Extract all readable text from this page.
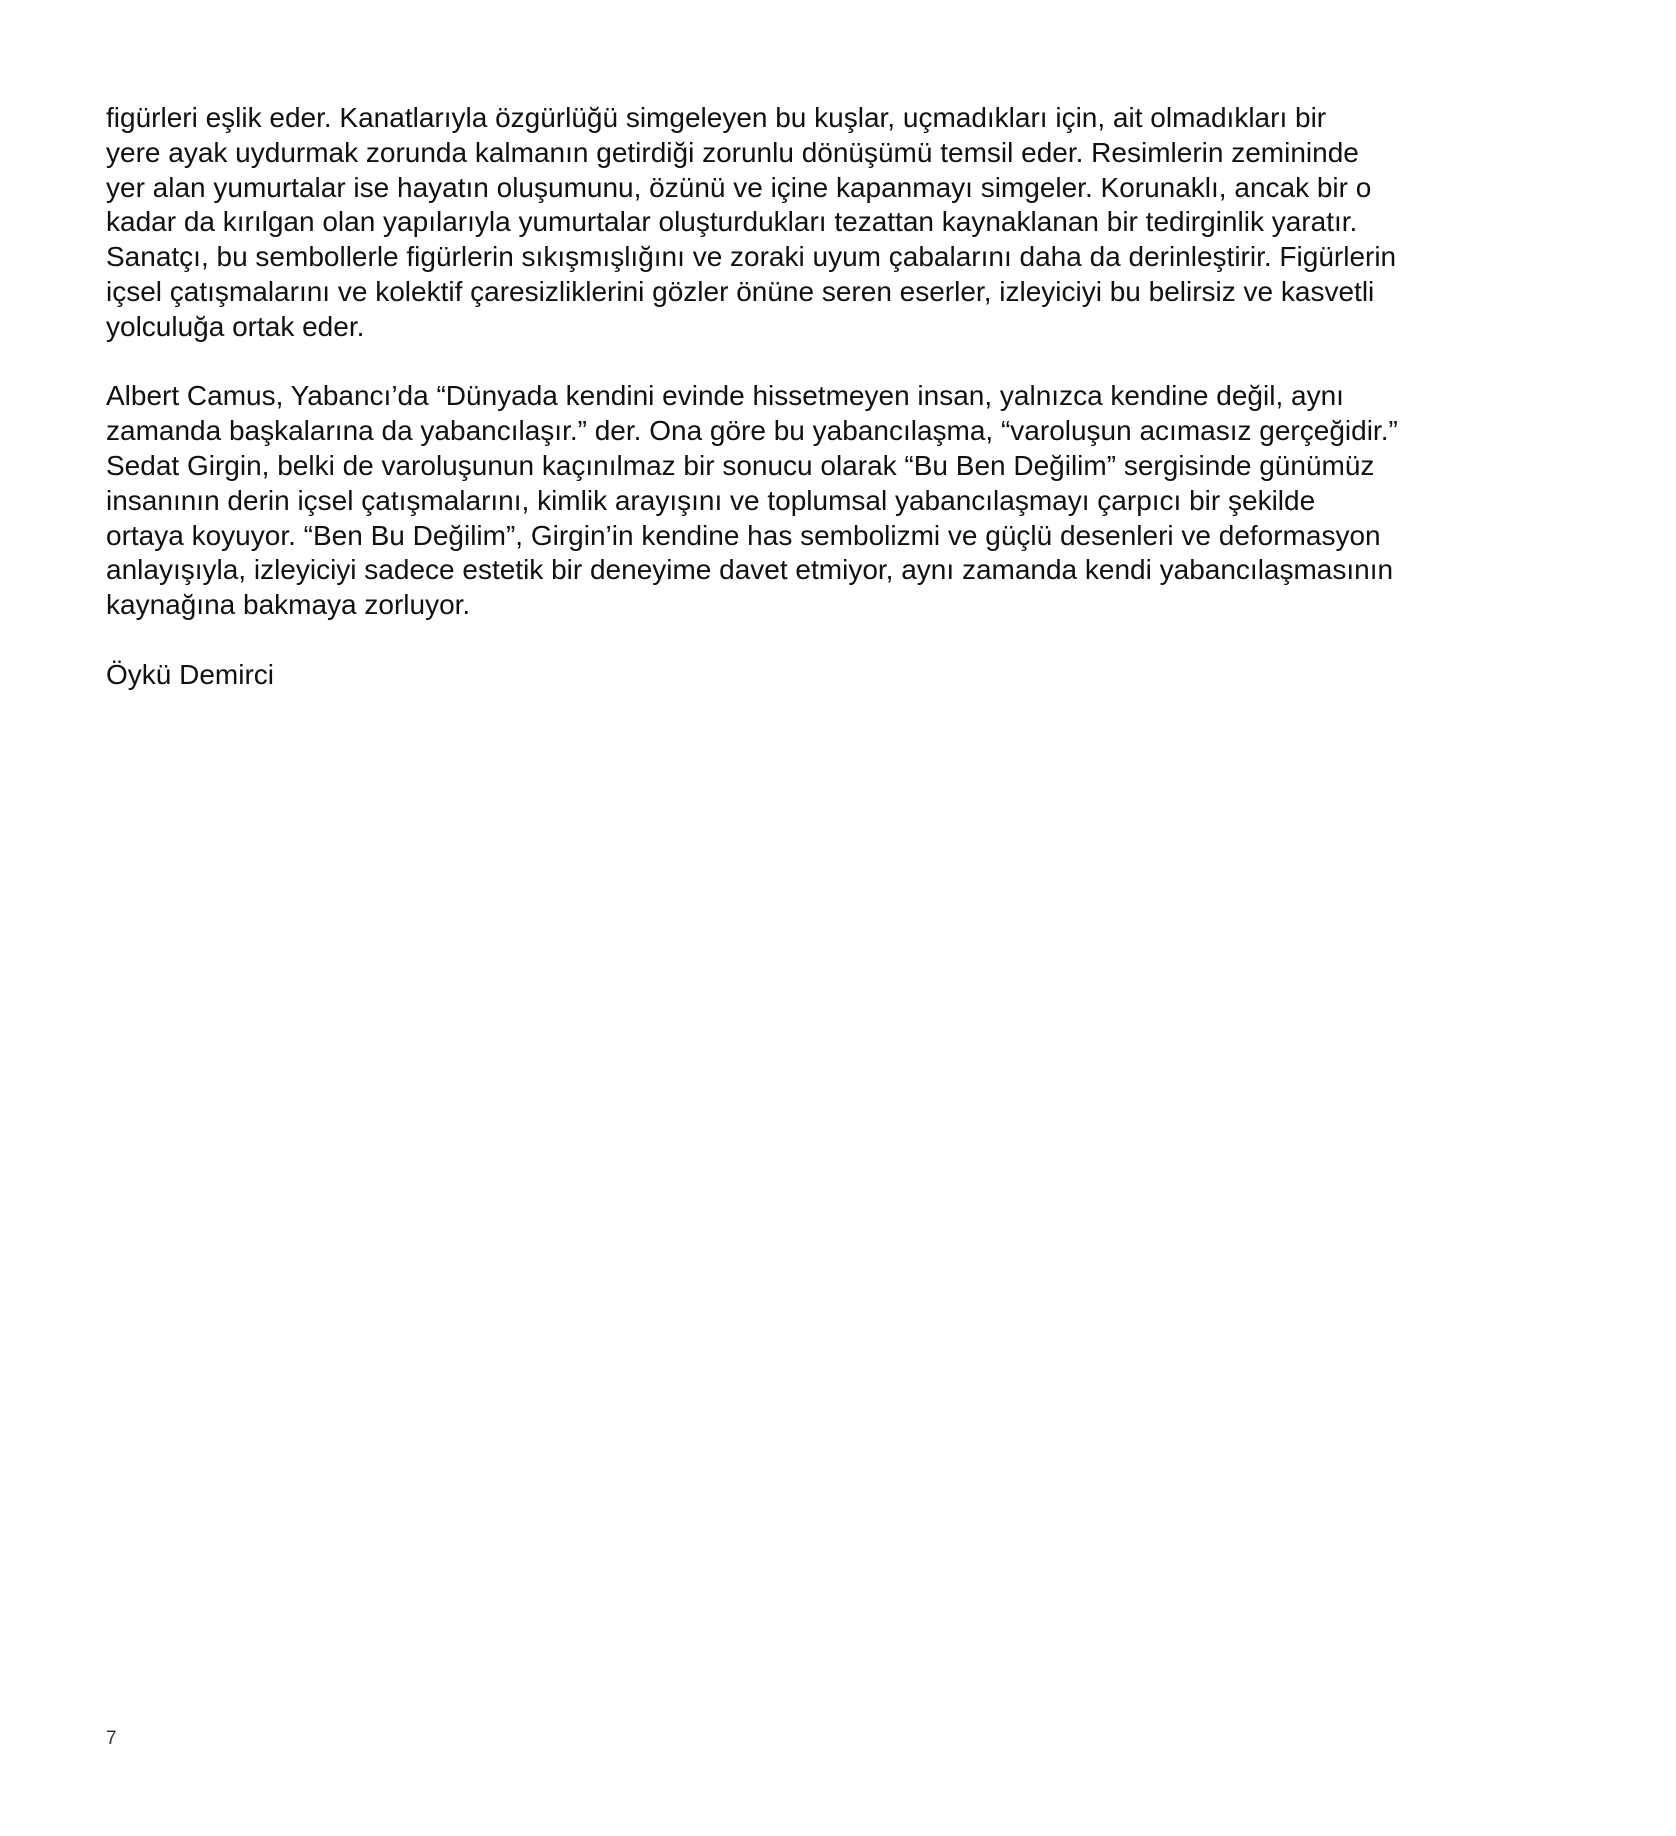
figürleri eşlik eder. Kanatlarıyla özgürlüğü simgeleyen bu kuşlar, uçmadıkları için, ait olmadıkları bir
yere ayak uydurmak zorunda kalmanın getirdiği zorunlu dönüşümü temsil eder. Resimlerin zemininde
yer alan yumurtalar ise hayatın oluşumunu, özünü ve içine kapanmayı simgeler. Korunaklı, ancak bir o
kadar da kırılgan olan yapılarıyla yumurtalar oluşturdukları tezattan kaynaklanan bir tedirginlik yaratır.
Sanatçı, bu sembollerle figürlerin sıkışmışlığını ve zoraki uyum çabalarını daha da derinleştirir. Figürlerin
içsel çatışmalarını ve kolektif çaresizliklerini gözler önüne seren eserler, izleyiciyi bu belirsiz ve kasvetli
yolculuğa ortak eder.
Albert Camus, Yabancı’da “Dünyada kendini evinde hissetmeyen insan, yalnızca kendine değil, aynı
zamanda başkalarına da yabancılaşır.” der. Ona göre bu yabancılaşma, “varoluşun acımasız gerçeğidir.”
Sedat Girgin, belki de varoluşunun kaçınılmaz bir sonucu olarak “Bu Ben Değilim” sergisinde günümüz
insanının derin içsel çatışmalarını, kimlik arayışını ve toplumsal yabancılaşmayı çarpıcı bir şekilde
ortaya koyuyor. “Ben Bu Değilim”, Girgin’in kendine has sembolizmi ve güçlü desenleri ve deformasyon
anlayışıyla, izleyiciyi sadece estetik bir deneyime davet etmiyor, aynı zamanda kendi yabancılaşmasının
kaynağına bakmaya zorluyor.
Öykü Demirci
7
